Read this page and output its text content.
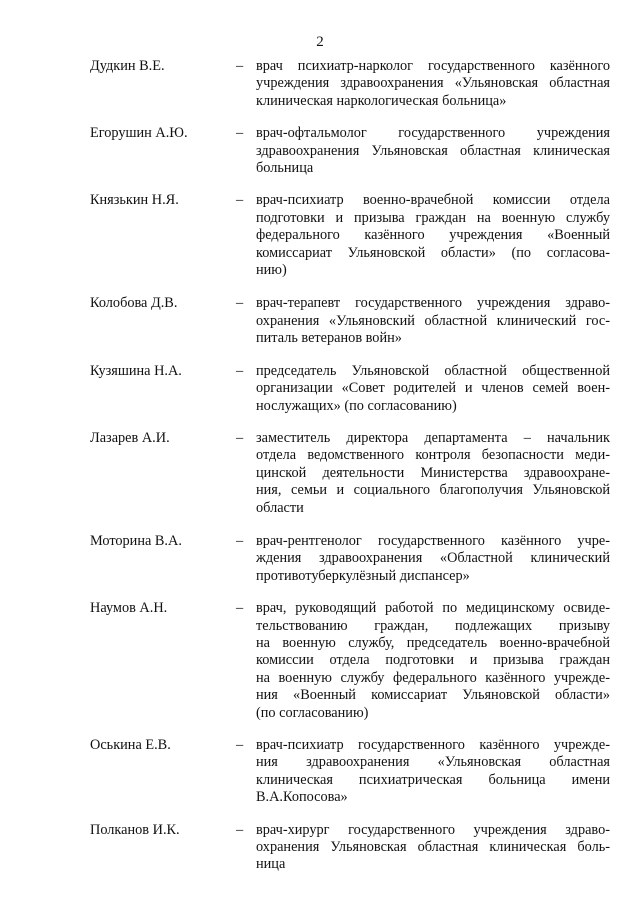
2
Дудкин В.Е.	– врач психиатр-нарколог государственного казённого
учреждения здравоохранения «Ульяновская областная
клиническая наркологическая больница»
Егорушин А.Ю.	– врач-офтальмолог государственного учреждения
здравоохранения Ульяновская областная клиническая
больница
Князькин Н.Я.	– врач-психиатр военно-врачебной комиссии отдела
подготовки и призыва граждан на военную службу
федерального казённого учреждения «Военный
комиссариат Ульяновской области» (по согласова-
нию)
Колобова Д.В.	– врач-терапевт государственного учреждения здраво-
охранения «Ульяновский областной клинический гос-
питаль ветеранов войн»
Кузяшина Н.А.	– председатель Ульяновской областной общественной
организации «Совет родителей и членов семей воен-
нослужащих» (по согласованию)
Лазарев А.И.	– заместитель директора департамента – начальник
отдела ведомственного контроля безопасности меди-
цинской деятельности Министерства здравоохране-
ния, семьи и социального благополучия Ульяновской
области
Моторина В.А.	– врач-рентгенолог государственного казённого учре-
ждения здравоохранения «Областной клинический
противотуберкулёзный диспансер»
Наумов А.Н.	– врач, руководящий работой по медицинскому освиде-
тельствованию граждан, подлежащих призыву
на военную службу, председатель военно-врачебной
комиссии отдела подготовки и призыва граждан
на военную службу федерального казённого учрежде-
ния «Военный комиссариат Ульяновской области»
(по согласованию)
Оськина Е.В.	– врач-психиатр государственного казённого учрежде-
ния здравоохранения «Ульяновская областная
клиническая психиатрическая больница имени
В.А.Копосова»
Полканов И.К.	– врач-хирург государственного учреждения здраво-
охранения Ульяновская областная клиническая боль-
ница
